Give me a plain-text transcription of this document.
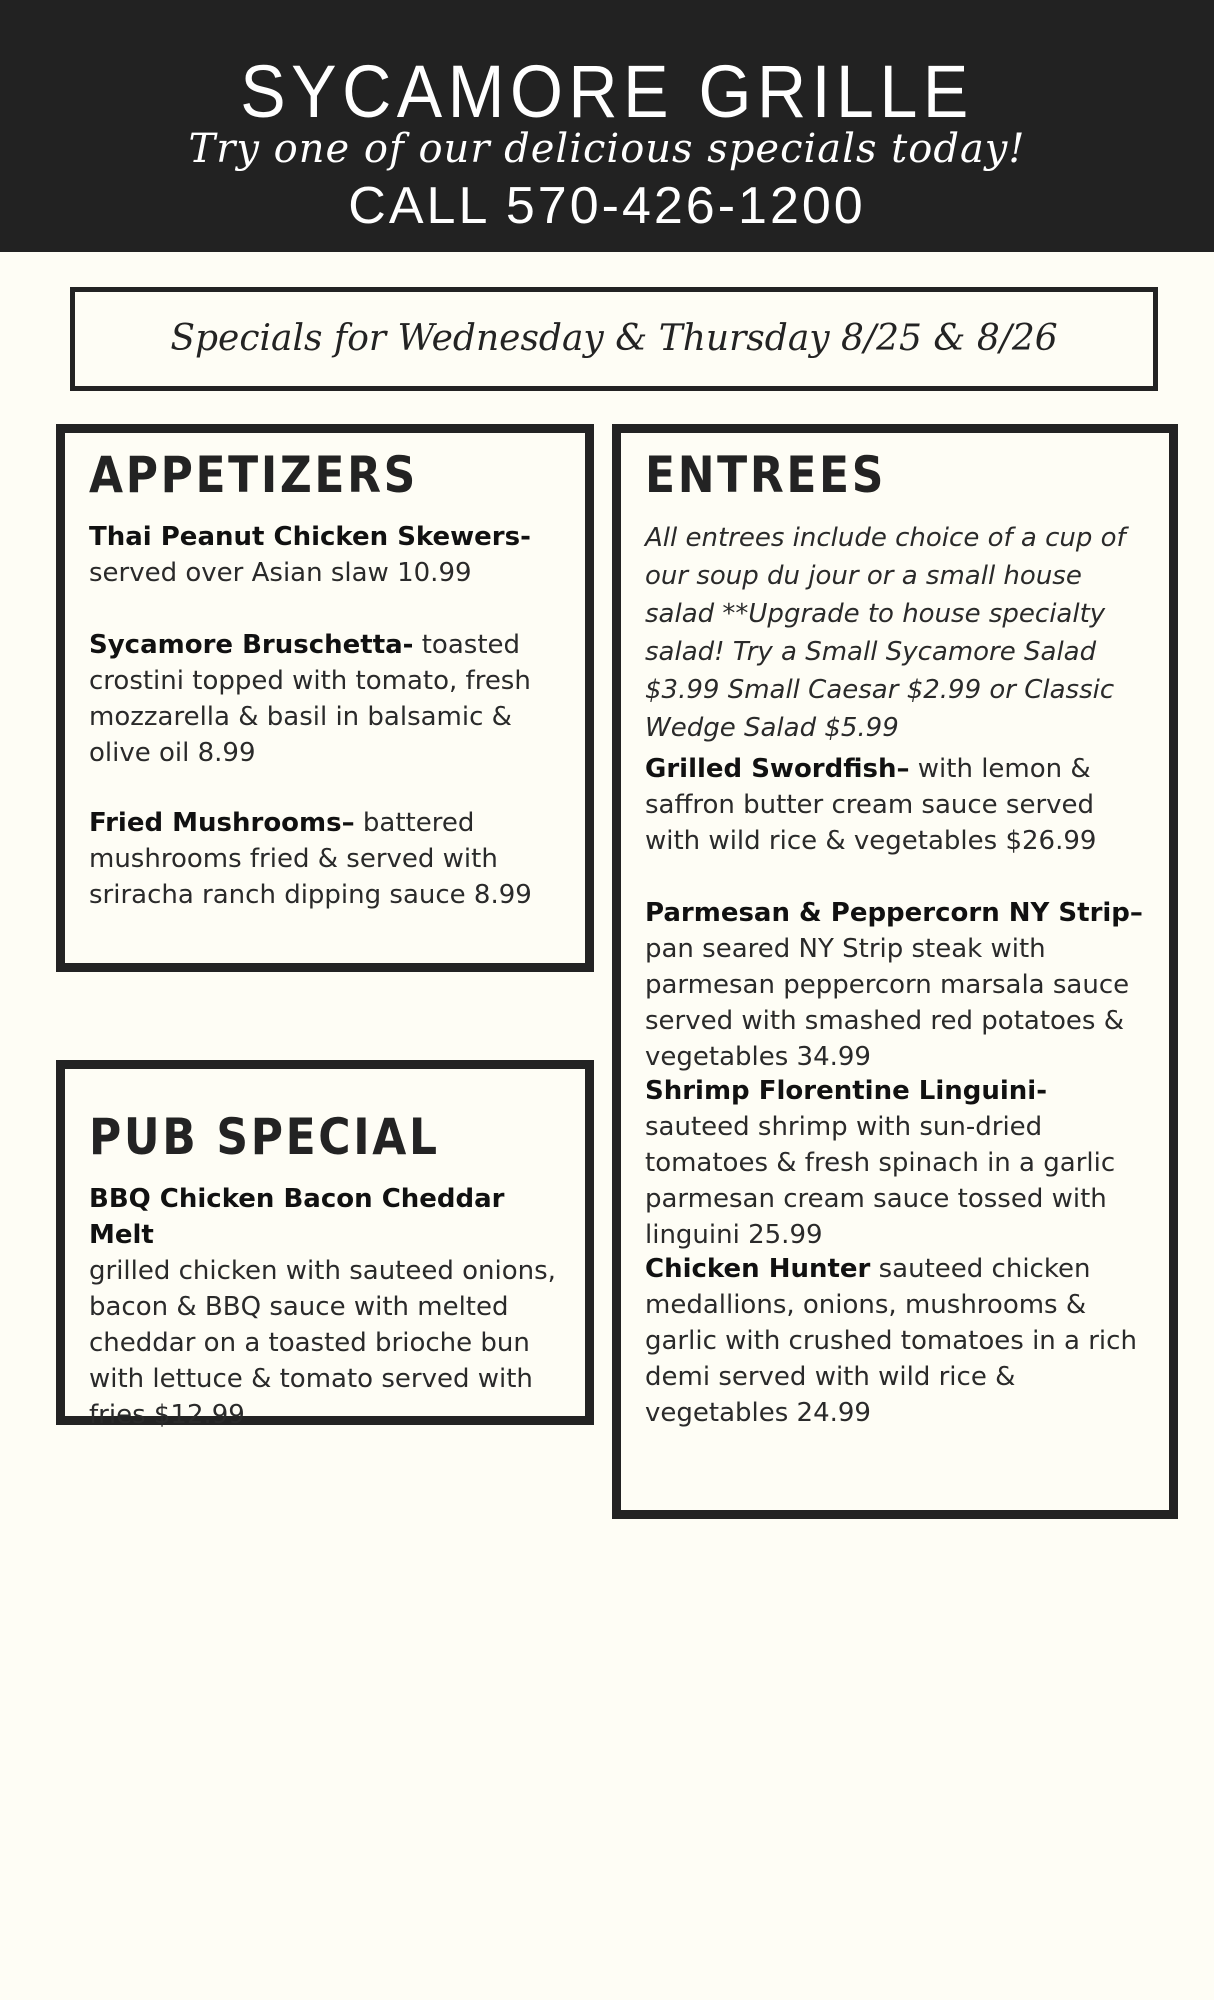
SYCAMORE GRILLE
Try one of our delicious specials today!
CALL 570-426-1200
Specials for Wednesday & Thursday 8/25 & 8/26
APPETIZERS
Thai Peanut Chicken Skewers- served over Asian slaw 10.99
Sycamore Bruschetta- toasted crostini topped with tomato, fresh mozzarella & basil in balsamic & olive oil 8.99
Fried Mushrooms– battered mushrooms fried & served with sriracha ranch dipping sauce 8.99
PUB SPECIAL
BBQ Chicken Bacon Cheddar Melt
grilled chicken with sauteed onions, bacon & BBQ sauce with melted cheddar on a toasted brioche bun with lettuce & tomato served with fries $12.99
ENTREES
All entrees include choice of a cup of our soup du jour or a small house salad **Upgrade to house specialty salad! Try a Small Sycamore Salad $3.99 Small Caesar $2.99 or Classic Wedge Salad $5.99
Grilled Swordfish– with lemon & saffron butter cream sauce served with wild rice & vegetables $26.99
Parmesan & Peppercorn NY Strip– pan seared NY Strip steak with parmesan peppercorn marsala sauce served with smashed red potatoes & vegetables 34.99
Shrimp Florentine Linguini- sauteed shrimp with sun-dried tomatoes & fresh spinach in a garlic parmesan cream sauce tossed with linguini 25.99
Chicken Hunter sauteed chicken medallions, onions, mushrooms & garlic with crushed tomatoes in a rich demi served with wild rice & vegetables 24.99
